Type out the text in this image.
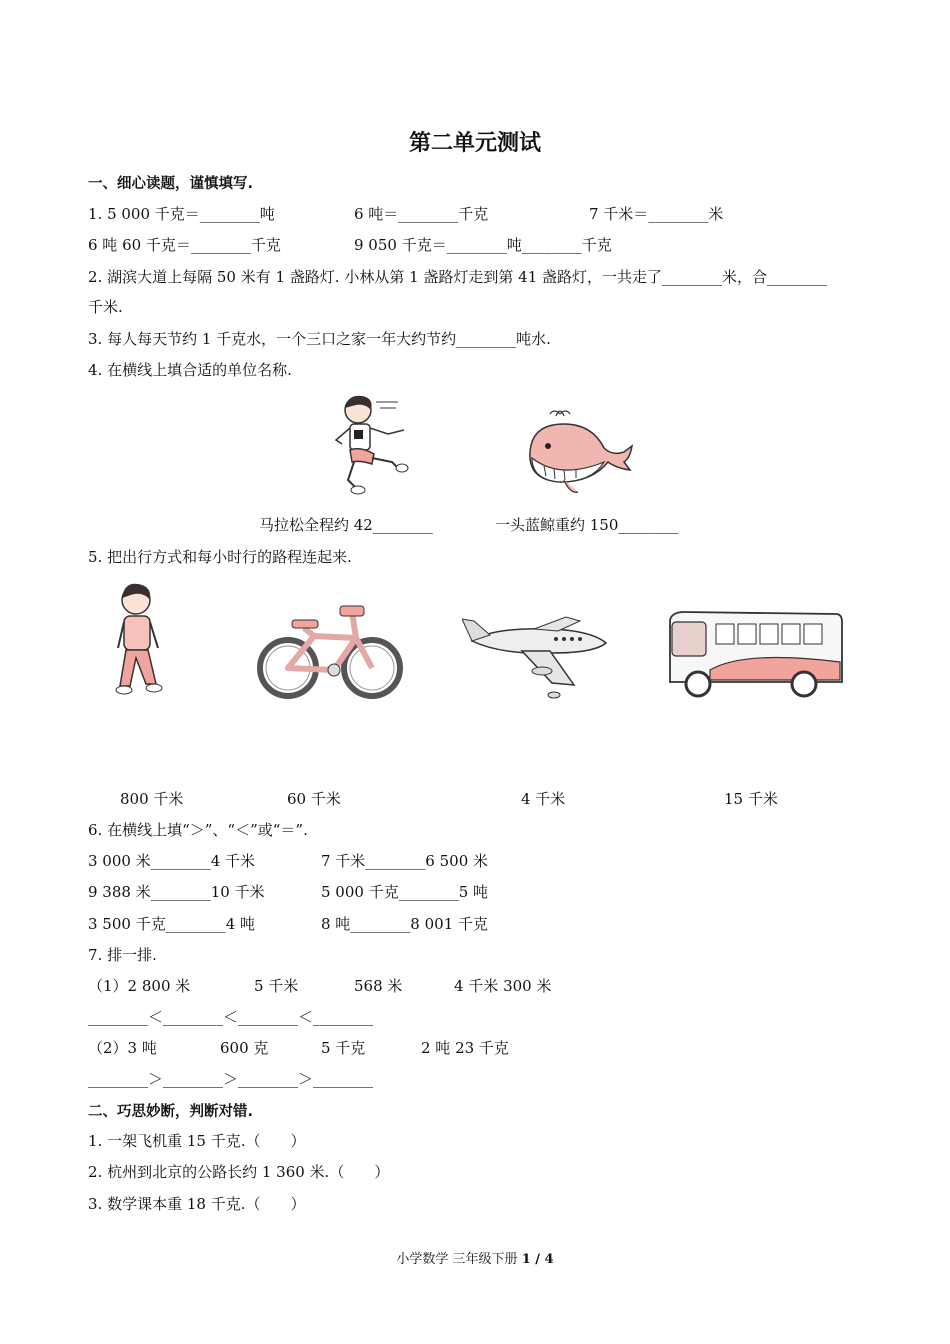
第二单元测试
一、细心读题，谨慎填写.
1. 5 000 千克＝________吨	6 吨＝________千克	7 千米＝________米
6 吨 60 千克＝________千克	9 050 千克＝________吨________千克
2. 湖滨大道上每隔 50 米有 1 盏路灯. 小林从第 1 盏路灯走到第 41 盏路灯，一共走了________米，合________
千米.
3. 每人每天节约 1 千克水，一个三口之家一年大约节约________吨水.
4. 在横线上填合适的单位名称.
马拉松全程约 42________	一头蓝鲸重约 150________
5. 把出行方式和每小时行的路程连起来.
800 千米	60 千米	4 千米	15 千米
6. 在横线上填“＞”、“＜”或“＝”.
3 000 米________4 千米	7 千米________6 500 米
9 388 米________10 千米	5 000 千克________5 吨
3 500 千克________4 吨	8 吨________8 001 千克
7. 排一排.
（1）2 800 米	5 千米	568 米	4 千米 300 米
________＜________＜________＜________
（2）3 吨	600 克	5 千克	2 吨 23 千克
________＞________＞________＞________
二、巧思妙断，判断对错.
1. 一架飞机重 15 千克.（　　）
2. 杭州到北京的公路长约 1 360 米.（　　）
3. 数学课本重 18 千克.（　　）
小学数学 三年级下册 1 / 4
